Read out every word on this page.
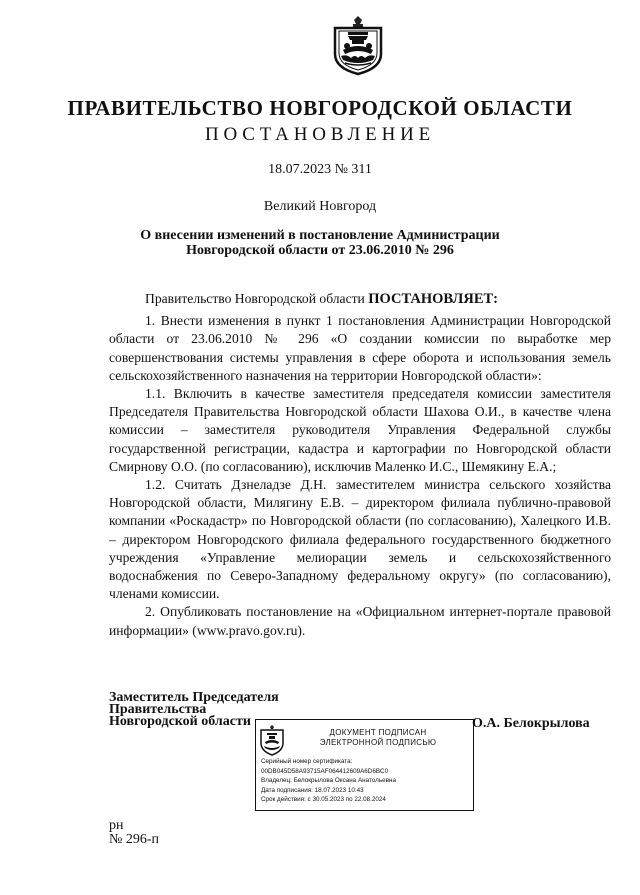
ПРАВИТЕЛЬСТВО НОВГОРОДСКОЙ ОБЛАСТИ
ПОСТАНОВЛЕНИЕ
18.07.2023 № 311
Великий Новгород
О внесении изменений в постановление Администрации
Новгородской области от 23.06.2010 № 296

Правительство Новгородской области ПОСТАНОВЛЯЕТ:

1. Внести изменения в пункт 1 постановления Администрации Новгородской области от 23.06.2010 № 296 «О создании комиссии по выработке мер совершенствования системы управления в сфере оборота и использования земель сельскохозяйственного назначения на территории Новгородской области»:

1.1. Включить в качестве заместителя председателя комиссии заместителя Председателя Правительства Новгородской области Шахова О.И., в качестве члена комиссии – заместителя руководителя Управления Федеральной службы государственной регистрации, кадастра и картографии по Новгородской области Смирнову О.О. (по согласованию), исключив Маленко И.С., Шемякину Е.А.;

1.2. Считать Дзнеладзе Д.Н. заместителем министра сельского хозяйства Новгородской области, Милягину Е.В. – директором филиала публично-правовой компании «Роскадастр» по Новгородской области (по согласованию), Халецкого И.В. – директором Новгородского филиала федерального государственного бюджетного учреждения «Управление мелиорации земель и сельскохозяйственного водоснабжения по Северо-Западному федеральному округу» (по согласованию), членами комиссии.

2. Опубликовать постановление на «Официальном интернет-портале правовой информации» (www.pravo.gov.ru).

Заместитель Председателя
Правительства
Новгородской области
ДОКУМЕНТ ПОДПИСАН
ЭЛЕКТРОННОЙ ПОДПИСЬЮ
Серийный номер сертификата:
00DB045D58A93715AF064412609A6D6BC0
Владелец: Белокрылова Оксана Анатольевна
Дата подписания: 18.07.2023 10:43
Срок действия: с 30.05.2023 по 22.08.2024
О.А. Белокрылова
рн
№ 296-п
